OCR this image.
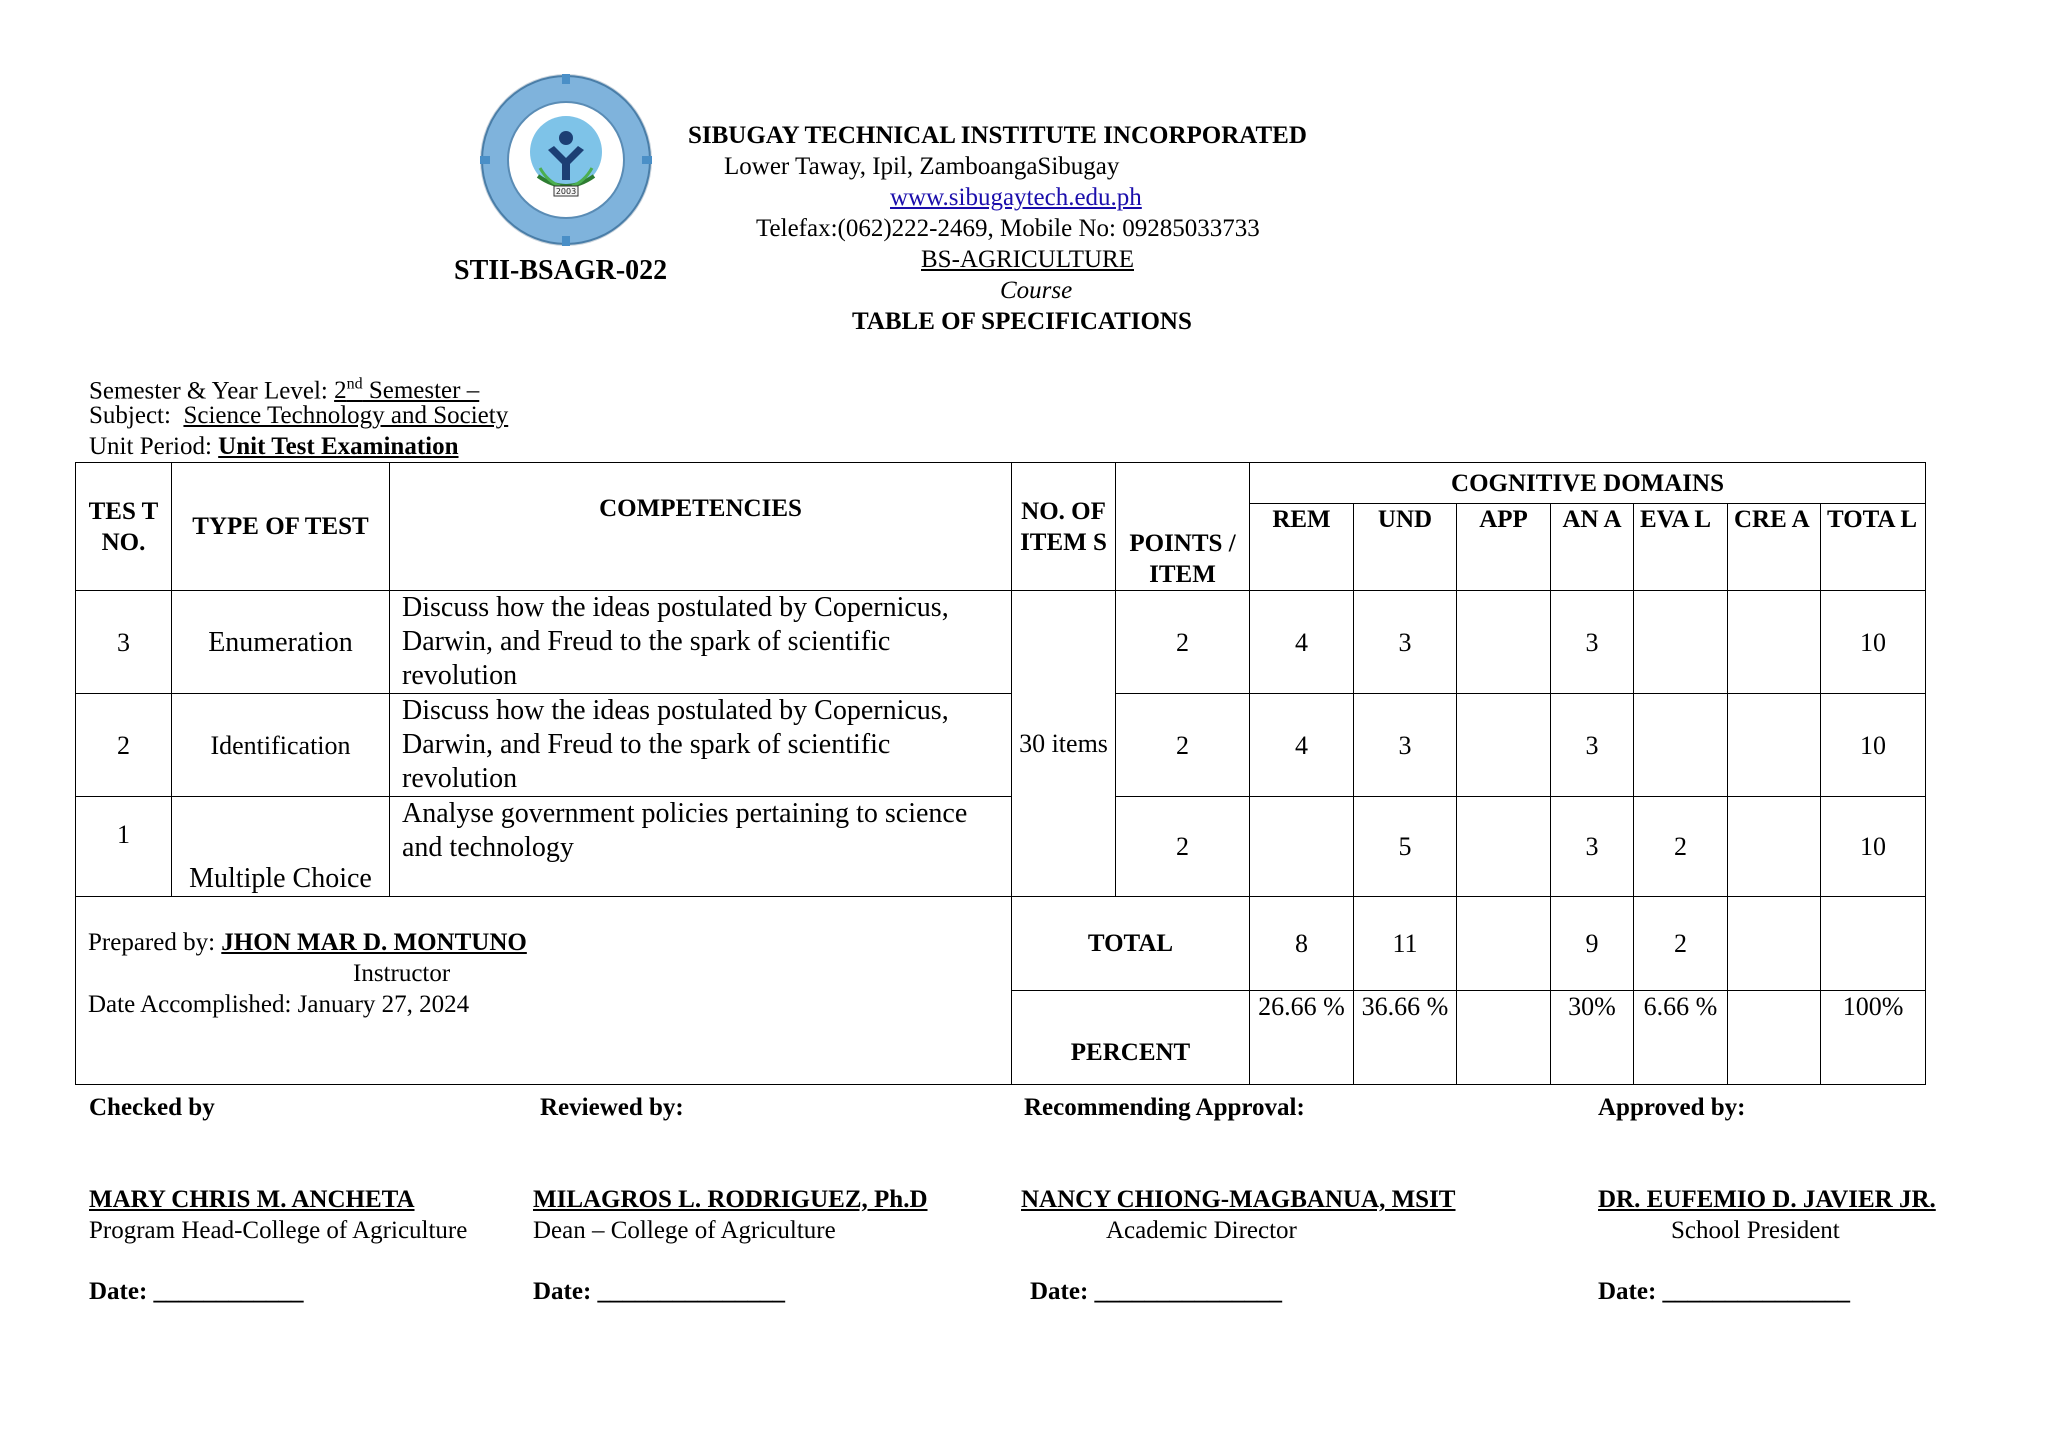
2003
SIBUGAY TECHNICAL INSTITUTE INCORPORATED
Lower Taway, Ipil, ZamboangaSibugay
www.sibugaytech.edu.ph
Telefax:(062)222-2469, Mobile No: 09285033733
BS-AGRICULTURE
Course
TABLE OF SPECIFICATIONS
STII-BSAGR-022
Semester & Year Level: 2nd Semester –
Subject:  Science Technology and Society
Unit Period: Unit Test Examination
TES T NO.	TYPE OF TEST	COMPETENCIES	NO. OF ITEM S	POINTS / ITEM	COGNITIVE DOMAINS						
					REM	UND	APP	AN A	EVA L	CRE A	TOTA L
3	Enumeration	Discuss how the ideas postulated by Copernicus, Darwin, and Freud to the spark of scientific revolution	30 items	2	4	3		3			10
2	Identification	Discuss how the ideas postulated by Copernicus, Darwin, and Freud to the spark of scientific revolution		2	4	3		3			10
1	Multiple Choice	Analyse government policies pertaining to science and technology		2		5		3	2		10

Prepared by: JHON MAR D. MONTUNO
Instructor
Date Accomplished: January 27, 2024			TOTAL		8	11		9	2		
			PERCENT		26.66 %	36.66 %		30%	6.66 %		100%
Checked by
MARY CHRIS M. ANCHETA
Program Head-College of Agriculture
Date: ____________
Reviewed by:
MILAGROS L. RODRIGUEZ, Ph.D
Dean – College of Agriculture
Date: _______________
Recommending Approval:
NANCY CHIONG-MAGBANUA, MSIT
Academic Director
Date: _______________
Approved by:
DR. EUFEMIO D. JAVIER JR.
School President
Date: _______________
